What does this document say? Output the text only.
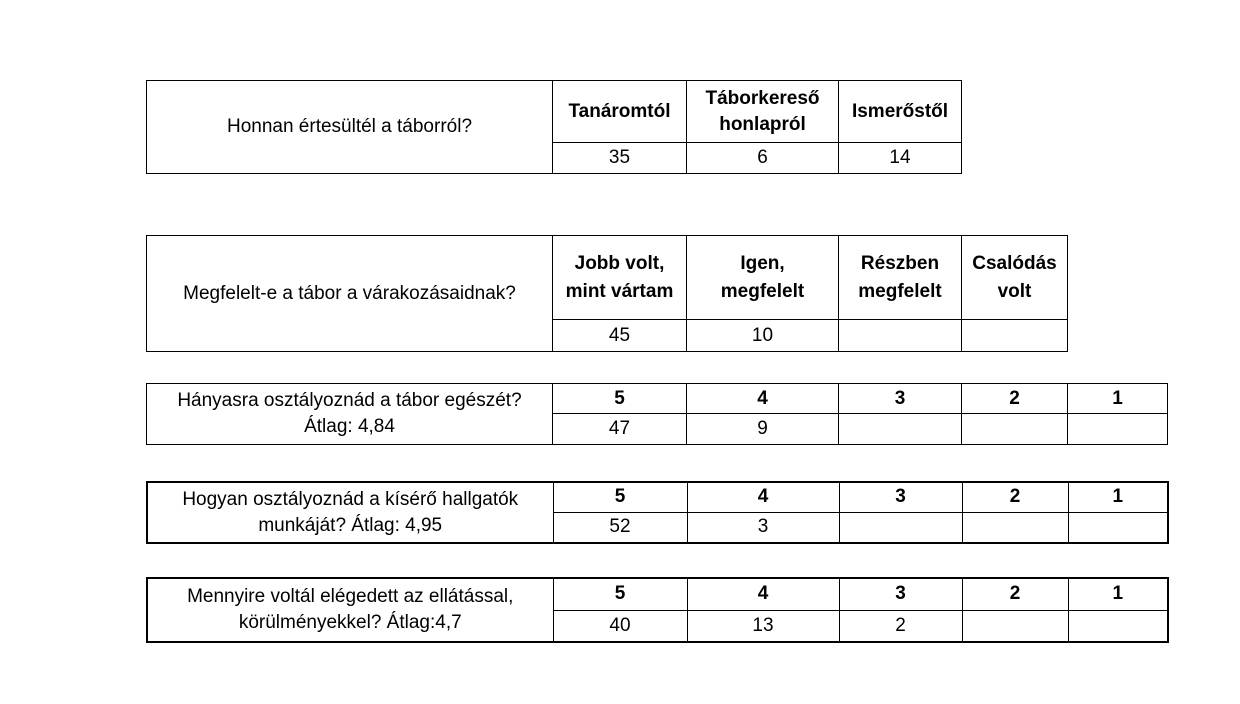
Honnan értesültél a táborról?	Tanáromtól	Táborkereső honlapról	Ismerőstől
	35	6	14
Megfelelt-e a tábor a várakozásaidnak?	Jobb volt, mint vártam	Igen, megfelelt	Részben megfelelt	Csalódás volt
	45	10		
Hányasra osztályoznád a tábor egészét?
Átlag: 4,84	5	4	3	2	1
	47	9			
Hogyan osztályoznád a kísérő hallgatók
munkáját? Átlag: 4,95	5	4	3	2	1
	52	3			
Mennyire voltál elégedett az ellátással,
körülményekkel? Átlag:4,7	5	4	3	2	1
	40	13	2		
